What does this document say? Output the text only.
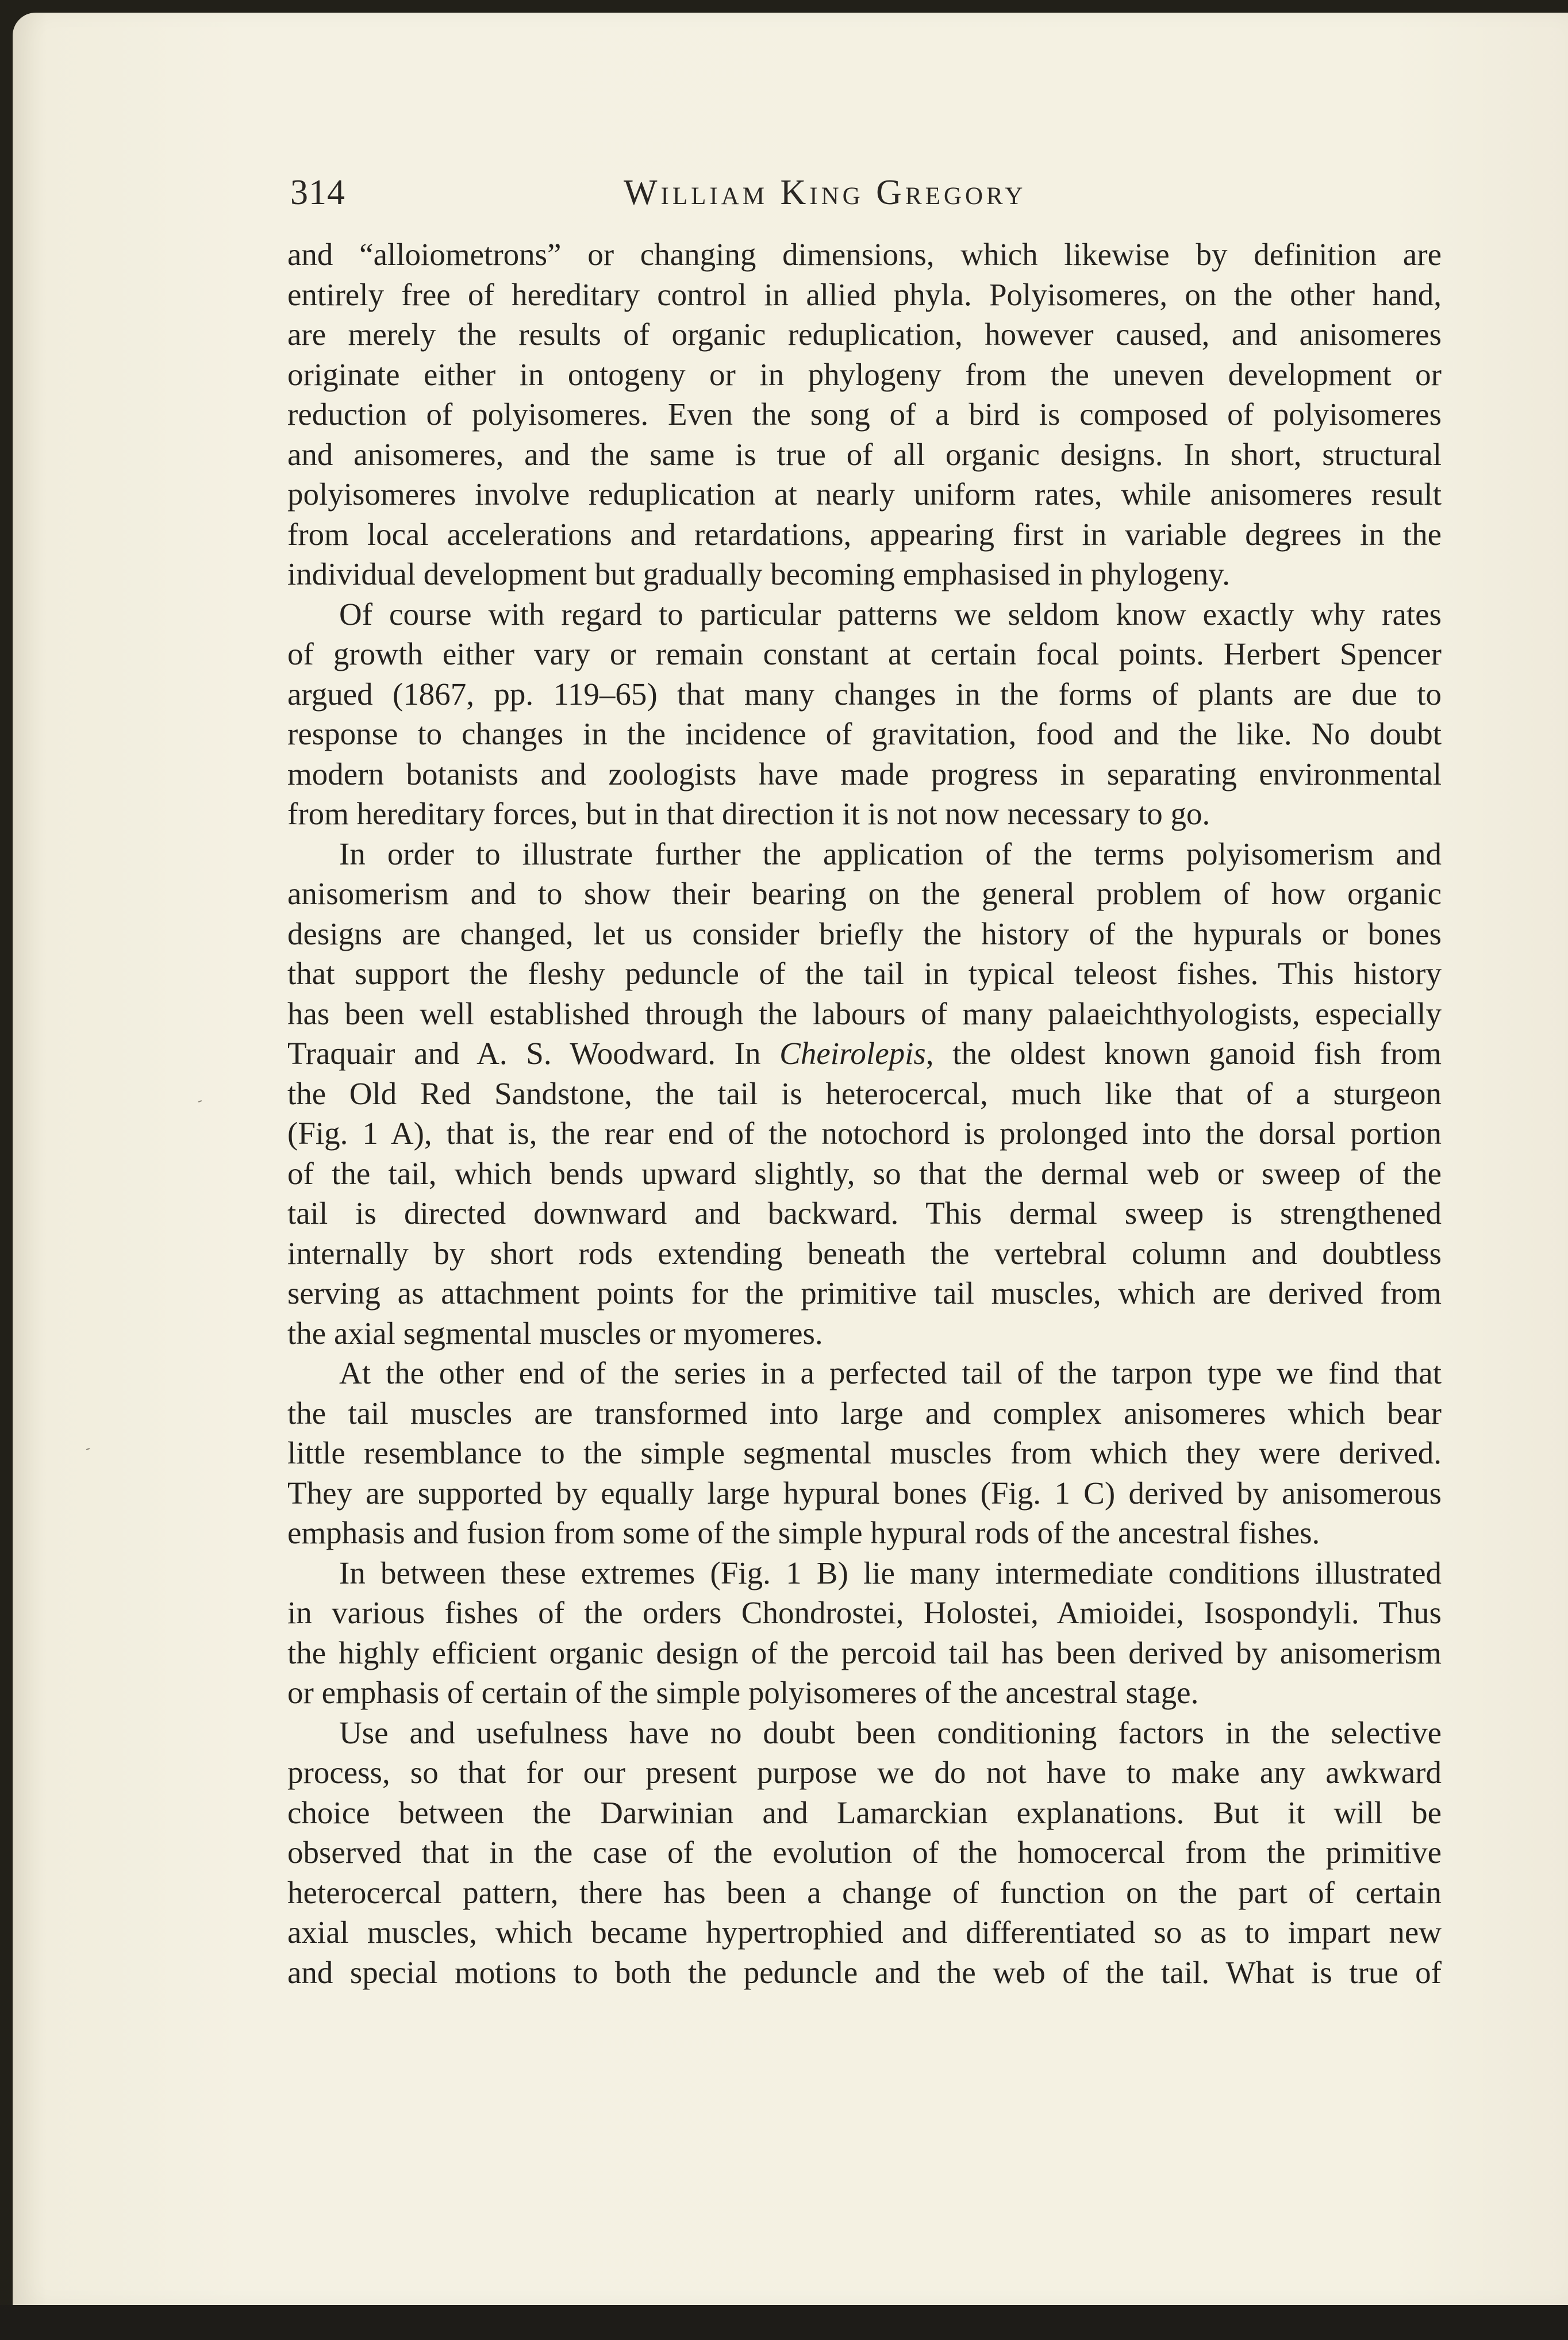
314	William King Gregory
and “alloiometrons” or changing dimensions, which likewise by definition are
entirely free of hereditary control in allied phyla. Polyisomeres, on the other hand,
are merely the results of organic reduplication, however caused, and anisomeres
originate either in ontogeny or in phylogeny from the uneven development or
reduction of polyisomeres. Even the song of a bird is composed of polyisomeres
and anisomeres, and the same is true of all organic designs. In short, structural
polyisomeres involve reduplication at nearly uniform rates, while anisomeres result
from local accelerations and retardations, appearing first in variable degrees in the
individual development but gradually becoming emphasised in phylogeny.
Of course with regard to particular patterns we seldom know exactly why rates
of growth either vary or remain constant at certain focal points. Herbert Spencer
argued (1867, pp. 119–65) that many changes in the forms of plants are due to
response to changes in the incidence of gravitation, food and the like. No doubt
modern botanists and zoologists have made progress in separating environmental
from hereditary forces, but in that direction it is not now necessary to go.
In order to illustrate further the application of the terms polyisomerism and
anisomerism and to show their bearing on the general problem of how organic
designs are changed, let us consider briefly the history of the hypurals or bones
that support the fleshy peduncle of the tail in typical teleost fishes. This history
has been well established through the labours of many palaeichthyologists, especially
Traquair and A. S. Woodward. In Cheirolepis, the oldest known ganoid fish from
the Old Red Sandstone, the tail is heterocercal, much like that of a sturgeon
(Fig. 1 A), that is, the rear end of the notochord is prolonged into the dorsal portion
of the tail, which bends upward slightly, so that the dermal web or sweep of the
tail is directed downward and backward. This dermal sweep is strengthened
internally by short rods extending beneath the vertebral column and doubtless
serving as attachment points for the primitive tail muscles, which are derived from
the axial segmental muscles or myomeres.
At the other end of the series in a perfected tail of the tarpon type we find that
the tail muscles are transformed into large and complex anisomeres which bear
little resemblance to the simple segmental muscles from which they were derived.
They are supported by equally large hypural bones (Fig. 1 C) derived by anisomerous
emphasis and fusion from some of the simple hypural rods of the ancestral fishes.
In between these extremes (Fig. 1 B) lie many intermediate conditions illustrated
in various fishes of the orders Chondrostei, Holostei, Amioidei, Isospondyli. Thus
the highly efficient organic design of the percoid tail has been derived by anisomerism
or emphasis of certain of the simple polyisomeres of the ancestral stage.
Use and usefulness have no doubt been conditioning factors in the selective
process, so that for our present purpose we do not have to make any awkward
choice between the Darwinian and Lamarckian explanations. But it will be
observed that in the case of the evolution of the homocercal from the primitive
heterocercal pattern, there has been a change of function on the part of certain
axial muscles, which became hypertrophied and differentiated so as to impart new
and special motions to both the peduncle and the web of the tail. What is true of
